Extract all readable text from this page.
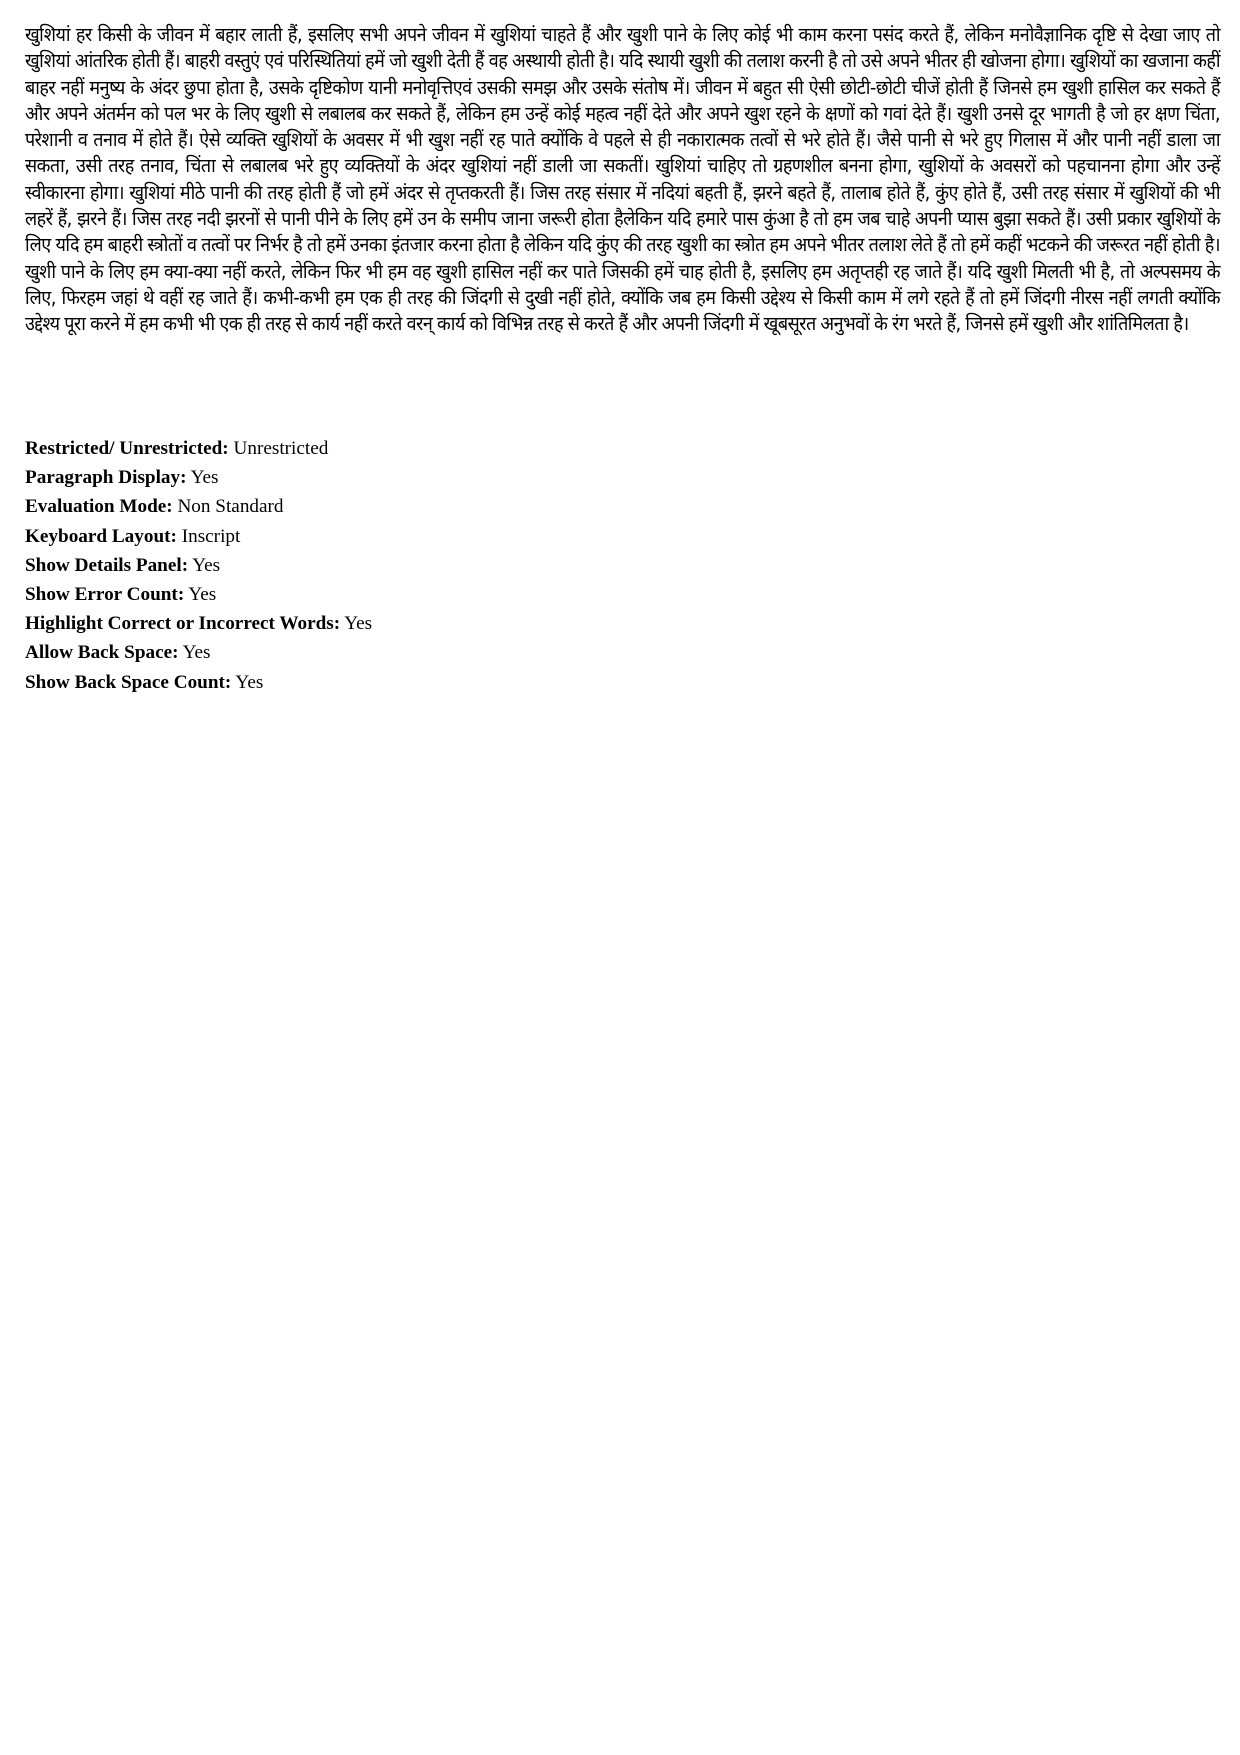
खुशियां हर किसी के जीवन में बहार लाती हैं, इसलिए सभी अपने जीवन में खुशियां चाहते हैं और खुशी पाने के लिए कोई भी काम करना पसंद करते हैं, लेकिन मनोवैज्ञानिक दृष्टि से देखा जाए तो खुशियां आंतरिक होती हैं। बाहरी वस्तुएं एवं परिस्थितियां हमें जो खुशी देती हैं वह अस्थायी होती है। यदि स्थायी खुशी की तलाश करनी है तो उसे अपने भीतर ही खोजना होगा। खुशियों का खजाना कहीं बाहर नहीं मनुष्य के अंदर छुपा होता है, उसके दृष्टिकोण यानी मनोवृत्तिएवं उसकी समझ और उसके संतोष में। जीवन में बहुत सी ऐसी छोटी-छोटी चीजें होती हैं जिनसे हम खुशी हासिल कर सकते हैं और अपने अंतर्मन को पल भर के लिए खुशी से लबालब कर सकते हैं, लेकिन हम उन्हें कोई महत्व नहीं देते और अपने खुश रहने के क्षणों को गवां देते हैं। खुशी उनसे दूर भागती है जो हर क्षण चिंता, परेशानी व तनाव में होते हैं। ऐसे व्यक्ति खुशियों के अवसर में भी खुश नहीं रह पाते क्योंकि वे पहले से ही नकारात्मक तत्वों से भरे होते हैं। जैसे पानी से भरे हुए गिलास में और पानी नहीं डाला जा सकता, उसी तरह तनाव, चिंता से लबालब भरे हुए व्यक्तियों के अंदर खुशियां नहीं डाली जा सकतीं। खुशियां चाहिए तो ग्रहणशील बनना होगा, खुशियों के अवसरों को पहचानना होगा और उन्हें स्वीकारना होगा। खुशियां मीठे पानी की तरह होती हैं जो हमें अंदर से तृप्तकरती हैं। जिस तरह संसार में नदियां बहती हैं, झरने बहते हैं, तालाब होते हैं, कुंए होते हैं, उसी तरह संसार में खुशियों की भी लहरें हैं, झरने हैं। जिस तरह नदी झरनों से पानी पीने के लिए हमें उन के समीप जाना जरूरी होता हैलेकिन यदि हमारे पास कुंआ है तो हम जब चाहे अपनी प्यास बुझा सकते हैं। उसी प्रकार खुशियों के लिए यदि हम बाहरी स्त्रोतों व तत्वों पर निर्भर है तो हमें उनका इंतजार करना होता है लेकिन यदि कुंए की तरह खुशी का स्त्रोत हम अपने भीतर तलाश लेते हैं तो हमें कहीं भटकने की जरूरत नहीं होती है। खुशी पाने के लिए हम क्या-क्या नहीं करते, लेकिन फिर भी हम वह खुशी हासिल नहीं कर पाते जिसकी हमें चाह होती है, इसलिए हम अतृप्तही रह जाते हैं। यदि खुशी मिलती भी है, तो अल्पसमय के लिए, फिरहम जहां थे वहीं रह जाते हैं। कभी-कभी हम एक ही तरह की जिंदगी से दुखी नहीं होते, क्योंकि जब हम किसी उद्देश्य से किसी काम में लगे रहते हैं तो हमें जिंदगी नीरस नहीं लगती क्योंकि उद्देश्य पूरा करने में हम कभी भी एक ही तरह से कार्य नहीं करते वरन् कार्य को विभिन्न तरह से करते हैं और अपनी जिंदगी में खूबसूरत अनुभवों के रंग भरते हैं, जिनसे हमें खुशी और शांतिमिलता है।

Restricted/ Unrestricted: Unrestricted
Paragraph Display: Yes
Evaluation Mode: Non Standard
Keyboard Layout: Inscript
Show Details Panel: Yes
Show Error Count: Yes
Highlight Correct or Incorrect Words: Yes
Allow Back Space: Yes
Show Back Space Count: Yes
